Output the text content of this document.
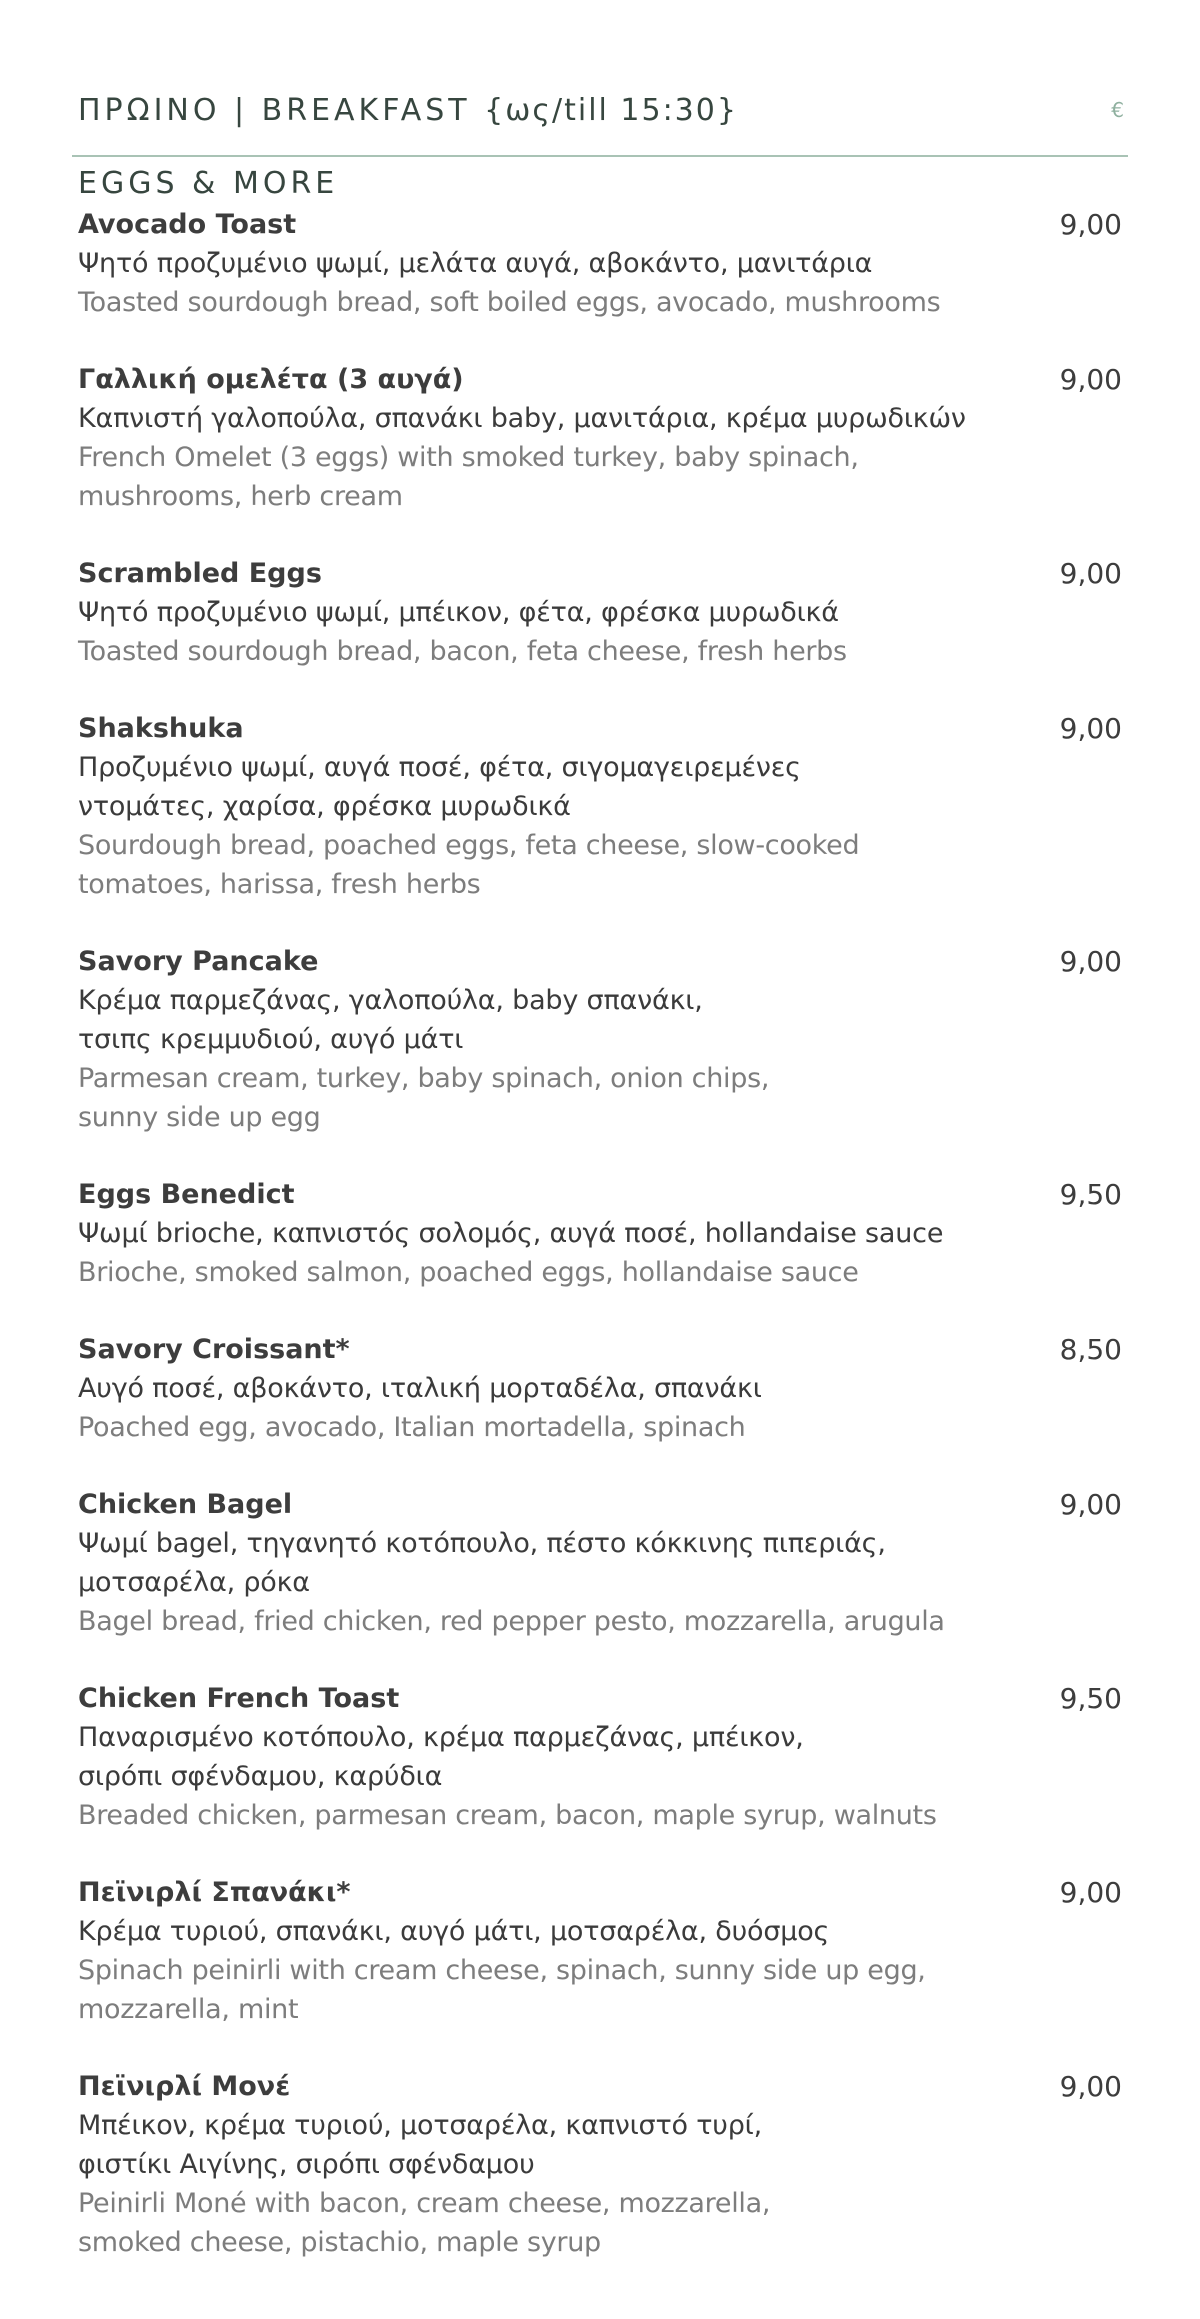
ΠΡΩΙΝΟ | BREAKFAST {ως/till 15:30}	€
EGGS & MORE
Avocado Toast	9,00
Ψητό προζυμένιο ψωμί, μελάτα αυγά, αβοκάντο, μανιτάρια
Toasted sourdough bread, soft boiled eggs, avocado, mushrooms
Γαλλική ομελέτα (3 αυγά)	9,00
Καπνιστή γαλοπούλα, σπανάκι baby, μανιτάρια, κρέμα μυρωδικών
French Omelet (3 eggs) with smoked turkey, baby spinach,
mushrooms, herb cream
Scrambled Eggs	9,00
Ψητό προζυμένιο ψωμί, μπέικον, φέτα, φρέσκα μυρωδικά
Toasted sourdough bread, bacon, feta cheese, fresh herbs
Shakshuka	9,00
Προζυμένιο ψωμί, αυγά ποσέ, φέτα, σιγομαγειρεμένες
ντομάτες, χαρίσα, φρέσκα μυρωδικά
Sourdough bread, poached eggs, feta cheese, slow-cooked
tomatoes, harissa, fresh herbs
Savory Pancake	9,00
Κρέμα παρμεζάνας, γαλοπούλα, baby σπανάκι,
τσιπς κρεμμυδιού, αυγό μάτι
Parmesan cream, turkey, baby spinach, onion chips,
sunny side up egg
Eggs Benedict	9,50
Ψωμί brioche, καπνιστός σολομός, αυγά ποσέ, hollandaise sauce
Brioche, smoked salmon, poached eggs, hollandaise sauce
Savory Croissant*	8,50
Αυγό ποσέ, αβοκάντο, ιταλική μορταδέλα, σπανάκι
Poached egg, avocado, Italian mortadella, spinach
Chicken Bagel	9,00
Ψωμί bagel, τηγανητό κοτόπουλο, πέστο κόκκινης πιπεριάς,
μοτσαρέλα, ρόκα
Bagel bread, fried chicken, red pepper pesto, mozzarella, arugula
Chicken French Toast	9,50
Παναρισμένο κοτόπουλο, κρέμα παρμεζάνας, μπέικον,
σιρόπι σφένδαμου, καρύδια
Breaded chicken, parmesan cream, bacon, maple syrup, walnuts
Πεϊνιρλί Σπανάκι*	9,00
Κρέμα τυριού, σπανάκι, αυγό μάτι, μοτσαρέλα, δυόσμος
Spinach peinirli with cream cheese, spinach, sunny side up egg,
mozzarella, mint
Πεϊνιρλί Μονέ	9,00
Μπέικον, κρέμα τυριού, μοτσαρέλα, καπνιστό τυρί,
φιστίκι Αιγίνης, σιρόπι σφένδαμου
Peinirli Moné with bacon, cream cheese, mozzarella,
smoked cheese, pistachio, maple syrup
